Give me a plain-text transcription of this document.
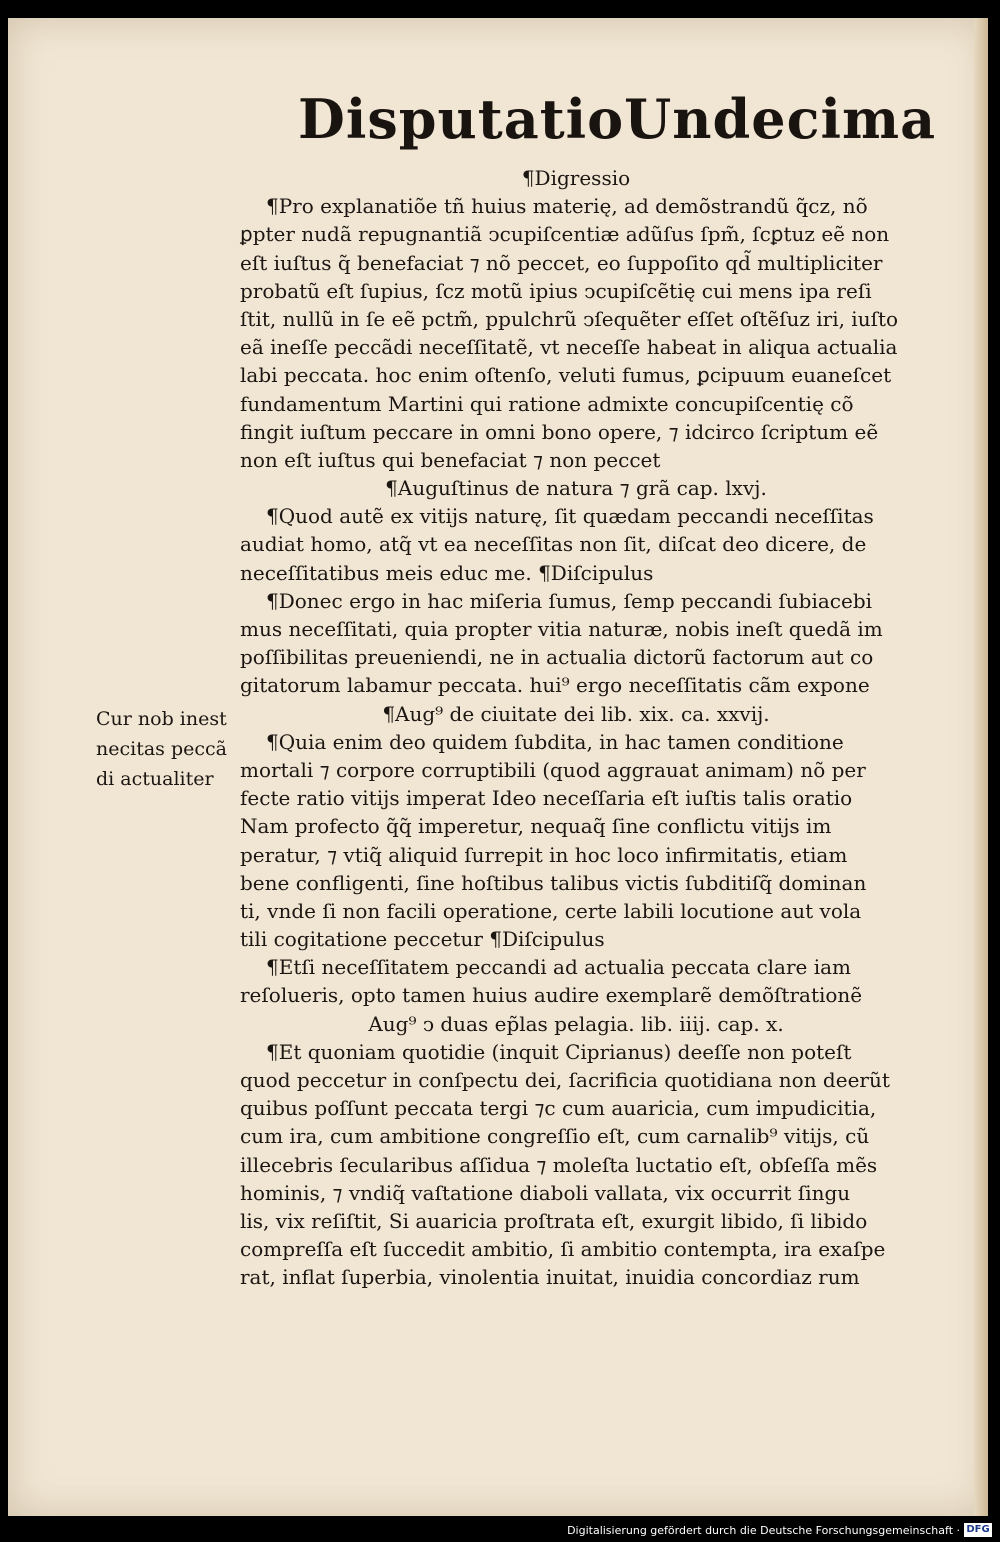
Disputatio Undecima
Cur nob inest
necitas peccã
di actualiter
¶Digressio
¶Pro explanatiõe tñ huius materię, ad demõstrandũ q̃cz, nõ
ꝑpter nudã repugnantiã ↄcupiſcentiæ adũſus ſpm̃, ſcꝑtuz eẽ non
eſt iuſtus q̃ benefaciat ⁊ nõ peccet, eo ſuppoſito qd̃ multipliciter
probatũ eſt ſupius, ſcz motũ ipius ↄcupiſcẽtię cui mens ipa reſi
ſtit, nullũ in ſe eẽ pctm̃, ppulchrũ ↄſequẽter eſſet oſtẽſuz iri, iuſto
eã ineſſe peccãdi neceſſitatẽ, vt neceſſe habeat in aliqua actualia
labi peccata. hoc enim oſtenſo, veluti fumus, ꝑcipuum euaneſcet
fundamentum Martini qui ratione admixte concupiſcentię cõ
fingit iuſtum peccare in omni bono opere, ⁊ idcirco ſcriptum eẽ
non eſt iuſtus qui benefaciat ⁊ non peccet
¶Auguſtinus de natura ⁊ grã cap. lxvj.
¶Quod autẽ ex vitijs naturę, ſit quædam peccandi neceſſitas
audiat homo, atq̃ vt ea neceſſitas non ſit, diſcat deo dicere, de
neceſſitatibus meis educ me. ¶Diſcipulus
¶Donec ergo in hac miſeria ſumus, ſemp peccandi ſubiacebi
mus neceſſitati, quia propter vitia naturæ, nobis ineſt quedã im
poſſibilitas preueniendi, ne in actualia dictorũ factorum aut co
gitatorum labamur peccata. hui⁹ ergo neceſſitatis cãm expone
¶Aug⁹ de ciuitate dei lib. xix. ca. xxvij.
¶Quia enim deo quidem ſubdita, in hac tamen conditione
mortali ⁊ corpore corruptibili (quod aggrauat animam) nõ per
fecte ratio vitijs imperat Ideo neceſſaria eſt iuſtis talis oratio
Nam profecto q̃q̃ imperetur, nequaq̃ ſine conflictu vitijs im
peratur, ⁊ vtiq̃ aliquid ſurrepit in hoc loco infirmitatis, etiam
bene confligenti, ſine hoſtibus talibus victis ſubditiſq̃ dominan
ti, vnde ſi non facili operatione, certe labili locutione aut vola
tili cogitatione peccetur ¶Diſcipulus
¶Etſi neceſſitatem peccandi ad actualia peccata clare iam
reſolueris, opto tamen huius audire exemplarẽ demõſtrationẽ
Aug⁹ ↄ duas ep̃las pelagia. lib. iiij. cap. x.
¶Et quoniam quotidie (inquit Ciprianus) deeſſe non poteſt
quod peccetur in conſpectu dei, ſacrificia quotidiana non deerũt
quibus poſſunt peccata tergi ⁊c cum auaricia, cum impudicitia,
cum ira, cum ambitione congreſſio eſt, cum carnalib⁹ vitijs, cũ
illecebris ſecularibus aſſidua ⁊ moleſta luctatio eſt, obſeſſa mẽs
hominis, ⁊ vndiq̃ vaſtatione diaboli vallata, vix occurrit ſingu
lis, vix reſiſtit, Si auaricia proſtrata eſt, exurgit libido, ſi libido
compreſſa eſt ſuccedit ambitio, ſi ambitio contempta, ira exaſpe
rat, inflat ſuperbia, vinolentia inuitat, inuidia concordiaz rum
Digitalisierung gefördert durch die Deutsche Forschungsgemeinschaft · DFG
